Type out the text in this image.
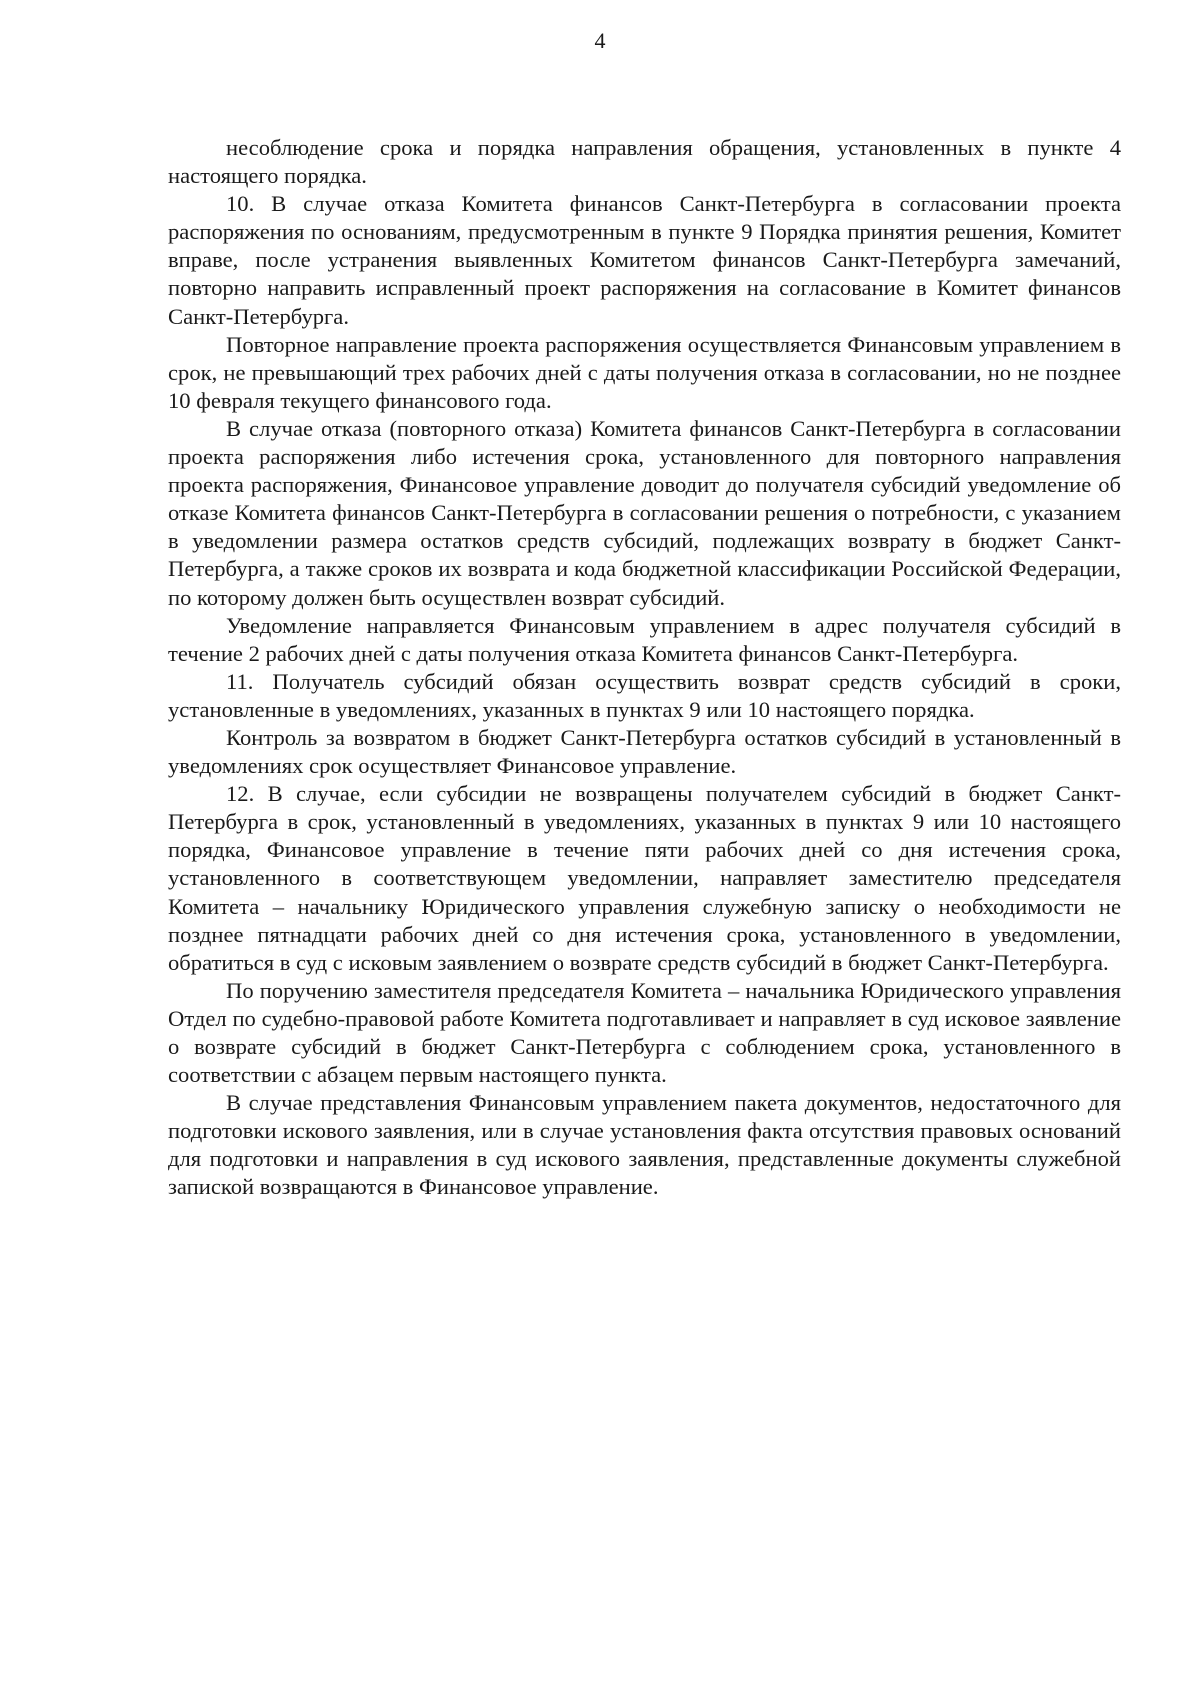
4

несоблюдение срока и порядка направления обращения, установленных в пункте 4 настоящего порядка.

10. В случае отказа Комитета финансов Санкт-Петербурга в согласовании проекта распоряжения по основаниям, предусмотренным в пункте 9 Порядка принятия решения, Комитет вправе, после устранения выявленных Комитетом финансов Санкт-Петербурга замечаний, повторно направить исправленный проект распоряжения на согласование в Комитет финансов Санкт-Петербурга.

Повторное направление проекта распоряжения осуществляется Финансовым управлением в срок, не превышающий трех рабочих дней с даты получения отказа в согласовании, но не позднее 10 февраля текущего финансового года.

В случае отказа (повторного отказа) Комитета финансов Санкт-Петербурга в согласовании проекта распоряжения либо истечения срока, установленного для повторного направления проекта распоряжения, Финансовое управление доводит до получателя субсидий уведомление об отказе Комитета финансов Санкт-Петербурга в согласовании решения о потребности, с указанием в уведомлении размера остатков средств субсидий, подлежащих возврату в бюджет Санкт-Петербурга, а также сроков их возврата и кода бюджетной классификации Российской Федерации, по которому должен быть осуществлен возврат субсидий.

Уведомление направляется Финансовым управлением в адрес получателя субсидий в течение 2 рабочих дней с даты получения отказа Комитета финансов Санкт-Петербурга.

11. Получатель субсидий обязан осуществить возврат средств субсидий в сроки, установленные в уведомлениях, указанных в пунктах 9 или 10 настоящего порядка.

Контроль за возвратом в бюджет Санкт-Петербурга остатков субсидий в установленный в уведомлениях срок осуществляет Финансовое управление.

12. В случае, если субсидии не возвращены получателем субсидий в бюджет Санкт-Петербурга в срок, установленный в уведомлениях, указанных в пунктах 9 или 10 настоящего порядка, Финансовое управление в течение пяти рабочих дней со дня истечения срока, установленного в соответствующем уведомлении, направляет заместителю председателя Комитета – начальнику Юридического управления служебную записку о необходимости не позднее пятнадцати рабочих дней со дня истечения срока, установленного в уведомлении, обратиться в суд с исковым заявлением о возврате средств субсидий в бюджет Санкт-Петербурга.

По поручению заместителя председателя Комитета – начальника Юридического управления Отдел по судебно-правовой работе Комитета подготавливает и направляет в суд исковое заявление о возврате субсидий в бюджет Санкт-Петербурга с соблюдением срока, установленного в соответствии с абзацем первым настоящего пункта.

В случае представления Финансовым управлением пакета документов, недостаточного для подготовки искового заявления, или в случае установления факта отсутствия правовых оснований для подготовки и направления в суд искового заявления, представленные документы служебной запиской возвращаются в Финансовое управление.
